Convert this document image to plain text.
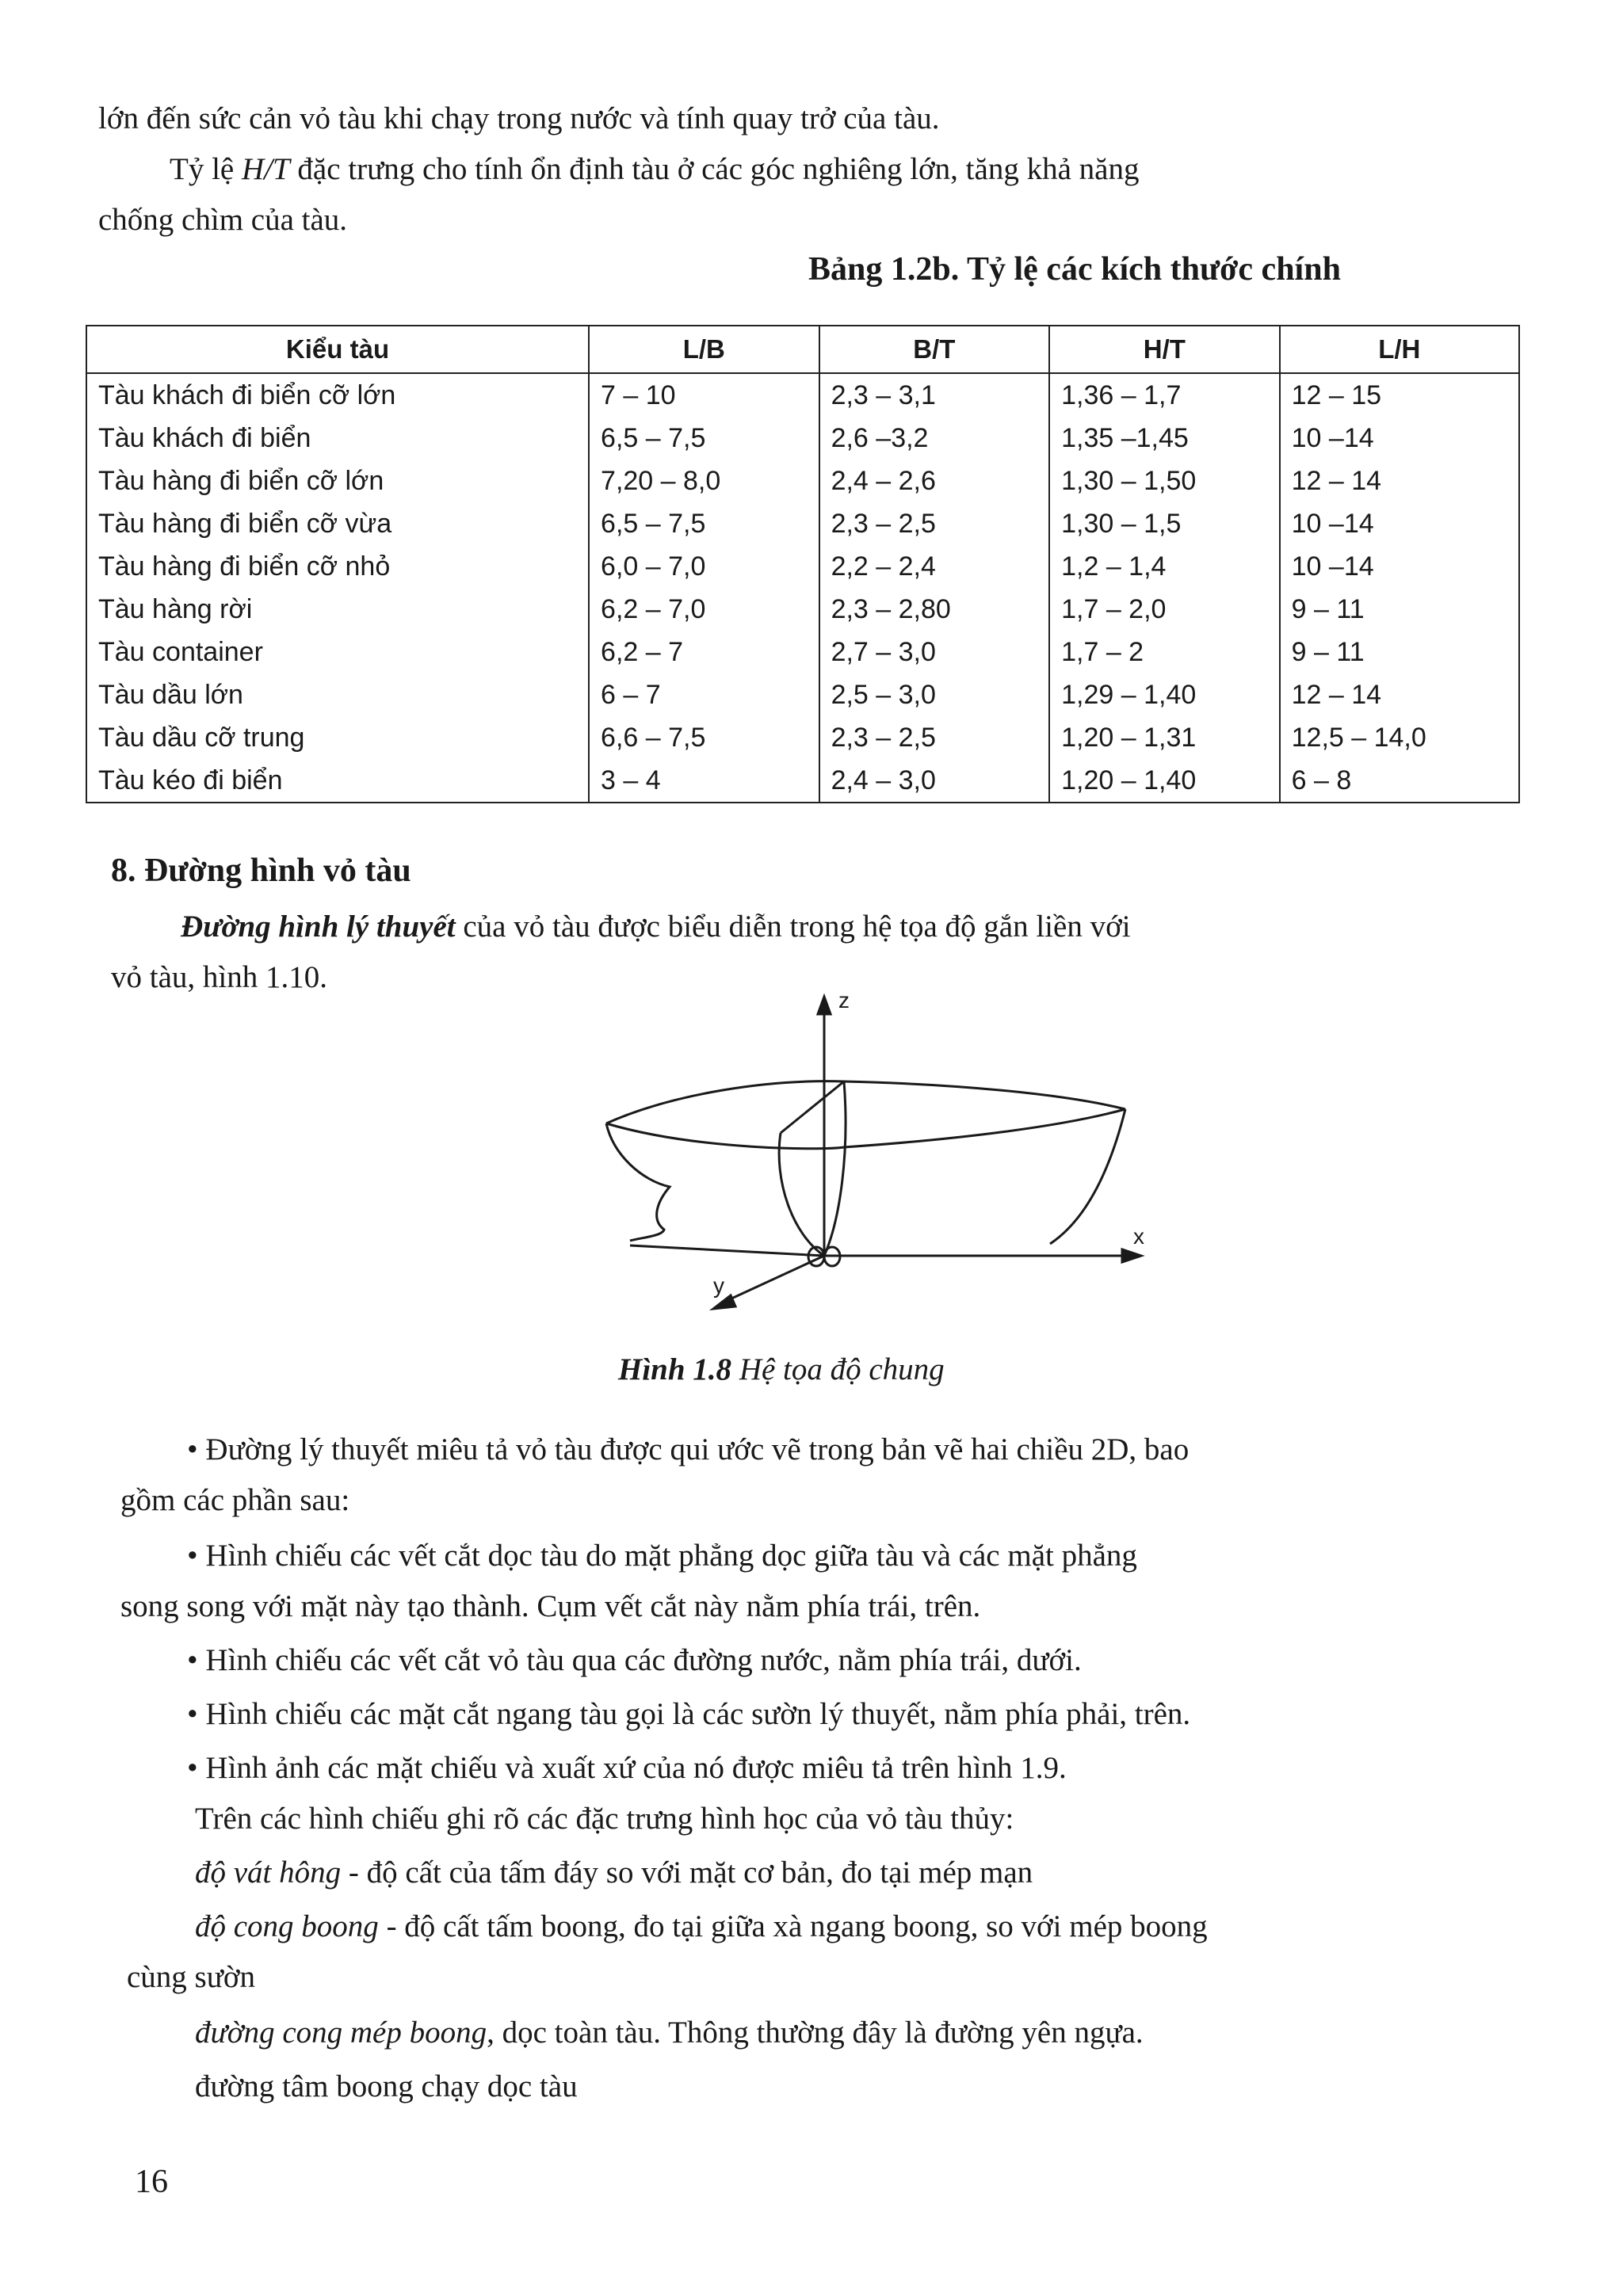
lớn đến sức cản vỏ tàu khi chạy trong nước và tính quay trở của tàu.

Tỷ lệ H/T đặc trưng cho tính ổn định tàu ở các góc nghiêng lớn, tăng khả năng

chống chìm của tàu.

Bảng 1.2b. Tỷ lệ các kích thước chính
Kiểu tàu	L/B	B/T	H/T	L/H
Tàu khách đi biển cỡ lớn	7 – 10	2,3 – 3,1	1,36 – 1,7	12 – 15
Tàu khách đi biển	6,5 – 7,5	2,6 –3,2	1,35 –1,45	10 –14
Tàu hàng đi biển cỡ lớn	7,20 – 8,0	2,4 – 2,6	1,30 – 1,50	12 – 14
Tàu hàng đi biển cỡ vừa	6,5 – 7,5	2,3 – 2,5	1,30 – 1,5	10 –14
Tàu hàng đi biển cỡ nhỏ	6,0 – 7,0	2,2 – 2,4	1,2 – 1,4	10 –14
Tàu hàng rời	6,2 – 7,0	2,3 – 2,80	1,7 – 2,0	9 – 11
Tàu container	6,2 – 7	2,7 – 3,0	1,7 – 2	9 – 11
Tàu dầu lớn	6 – 7	2,5 – 3,0	1,29 – 1,40	12 – 14
Tàu dầu cỡ trung	6,6 – 7,5	2,3 – 2,5	1,20 – 1,31	12,5 – 14,0
Tàu kéo đi biển	3 – 4	2,4 – 3,0	1,20 – 1,40	6 – 8
8. Đường hình vỏ tàu

Đường hình lý thuyết của vỏ tàu được biểu diễn trong hệ tọa độ gắn liền với

vỏ tàu, hình 1.10.

z
x
y
Hình 1.8 Hệ tọa độ chung

• Đường lý thuyết miêu tả vỏ tàu được qui ước vẽ trong bản vẽ hai chiều 2D, bao

gồm các phần sau:

• Hình chiếu các vết cắt dọc tàu do mặt phẳng dọc giữa tàu và các mặt phẳng

song song với mặt này tạo thành. Cụm vết cắt này nằm phía trái, trên.

• Hình chiếu các vết cắt vỏ tàu qua các đường nước, nằm phía trái, dưới.

• Hình chiếu các mặt cắt ngang tàu gọi là các sườn lý thuyết, nằm phía phải, trên.

• Hình ảnh các mặt chiếu và xuất xứ của nó được miêu tả trên hình 1.9.

Trên các hình chiếu ghi rõ các đặc trưng hình học của vỏ tàu thủy:

độ vát hông - độ cất của tấm đáy so với mặt cơ bản, đo tại mép mạn

độ cong boong - độ cất tấm boong, đo tại giữa xà ngang boong, so với mép boong

cùng sườn

đường cong mép boong, dọc toàn tàu. Thông thường đây là đường yên ngựa.

đường tâm boong chạy dọc tàu

16
